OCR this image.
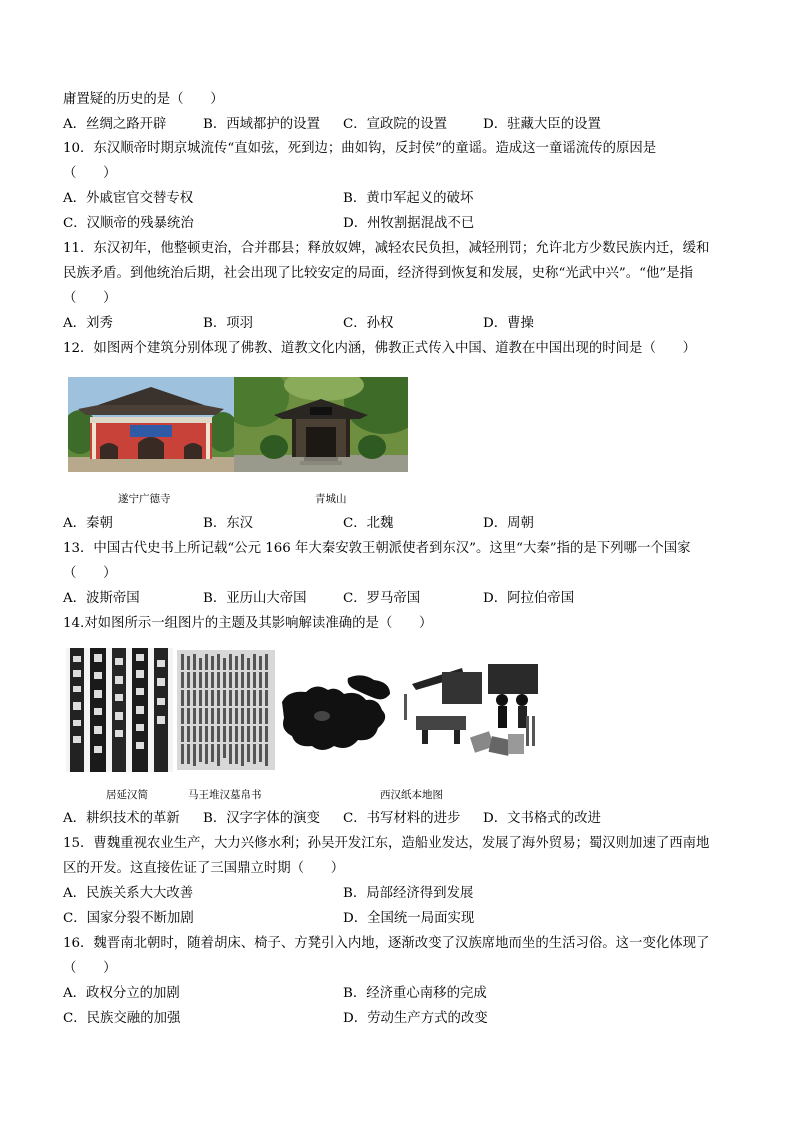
庸置疑的历史的是（　　）
A．丝绸之路开辟	B．西域都护的设置 C．宣政院的设置	D．驻藏大臣的设置
10．东汉顺帝时期京城流传“直如弦，死到边；曲如钩，反封侯”的童谣。造成这一童谣流传的原因是
（　　）
A．外戚宦官交替专权	B．黄巾军起义的破坏
C．汉顺帝的残暴统治	D．州牧割据混战不已
11．东汉初年，他整顿吏治，合并郡县；释放奴婢，减轻农民负担，减轻刑罚；允许北方少数民族内迁，缓和
民族矛盾。到他统治后期，社会出现了比较安定的局面，经济得到恢复和发展，史称“光武中兴”。“他”是指
（　　）
A．刘秀	B．项羽	C．孙权	D．曹操
12．如图两个建筑分别体现了佛教、道教文化内涵，佛教正式传入中国、道教在中国出现的时间是（　　）
遂宁广德寺	青城山
A．秦朝	B．东汉	C．北魏	D．周朝
13．中国古代史书上所记载“公元 166 年大秦安敦王朝派使者到东汉”。这里“大秦”指的是下列哪一个国家
（　　）
A．波斯帝国	B．亚历山大帝国	C．罗马帝国	D．阿拉伯帝国
14.对如图所示一组图片的主题及其影响解读准确的是（　　）
居延汉简	马王堆汉墓帛书	西汉纸本地图
A．耕织技术的革新 B．汉字字体的演变 C．书写材料的进步 D．文书格式的改进
15．曹魏重视农业生产，大力兴修水利；孙吴开发江东，造船业发达，发展了海外贸易；蜀汉则加速了西南地
区的开发。这直接佐证了三国鼎立时期（　　）
A．民族关系大大改善	B．局部经济得到发展
C．国家分裂不断加剧	D．全国统一局面实现
16．魏晋南北朝时，随着胡床、椅子、方凳引入内地，逐渐改变了汉族席地而坐的生活习俗。这一变化体现了
（　　）
A．政权分立的加剧	B．经济重心南移的完成
C．民族交融的加强	D．劳动生产方式的改变
